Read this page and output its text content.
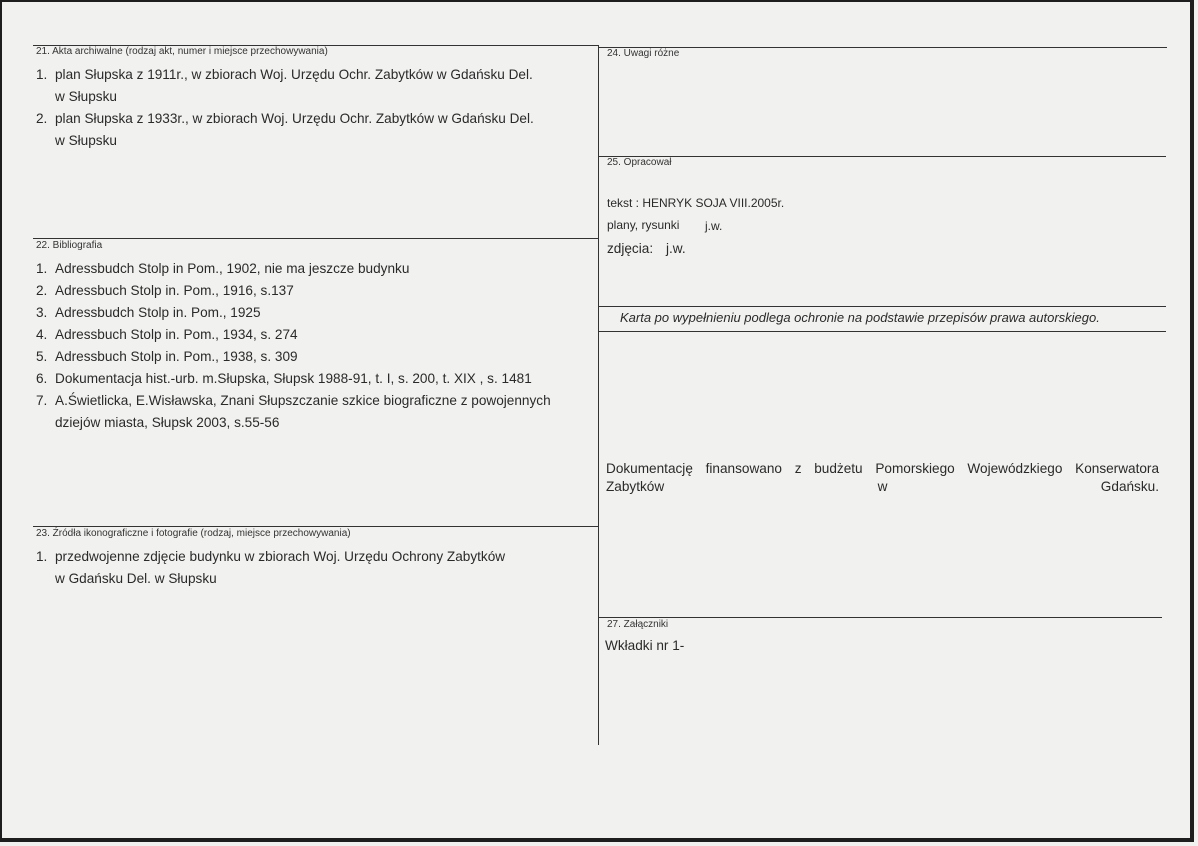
21. Akta archiwalne (rodzaj akt, numer i miejsce przechowywania)
1. plan Słupska z 1911r., w zbiorach Woj. Urzędu Ochr. Zabytków w Gdańsku Del.
w Słupsku
2. plan Słupska z 1933r., w zbiorach Woj. Urzędu Ochr. Zabytków w Gdańsku Del.
w Słupsku
22. Bibliografia
1. Adressbudch Stolp in Pom., 1902, nie ma jeszcze budynku
2. Adressbuch Stolp in. Pom., 1916, s.137
3. Adressbudch Stolp in. Pom., 1925
4. Adressbuch Stolp in. Pom., 1934, s. 274
5. Adressbuch Stolp in. Pom., 1938, s. 309
6. Dokumentacja hist.-urb. m.Słupska, Słupsk 1988-91, t. I, s. 200, t. XIX , s. 1481
7. A.Świetlicka, E.Wisławska, Znani Słupszczanie szkice biograficzne z powojennych
dziejów miasta, Słupsk 2003, s.55-56
23. Źródła ikonograficzne i fotografie (rodzaj, miejsce przechowywania)
1. przedwojenne zdjęcie budynku w zbiorach Woj. Urzędu Ochrony Zabytków
w Gdańsku Del. w Słupsku
24. Uwagi różne
25. Opracował
tekst : HENRYK SOJA VIII.2005r.
plany, rysunki j.w.
zdjęcia: j.w.
Karta po wypełnieniu podlega ochronie na podstawie przepisów prawa autorskiego.
Dokumentację finansowano z budżetu Pomorskiego Wojewódzkiego Konserwatora Zabytków w Gdańsku.
27. Załączniki
Wkładki nr 1-
